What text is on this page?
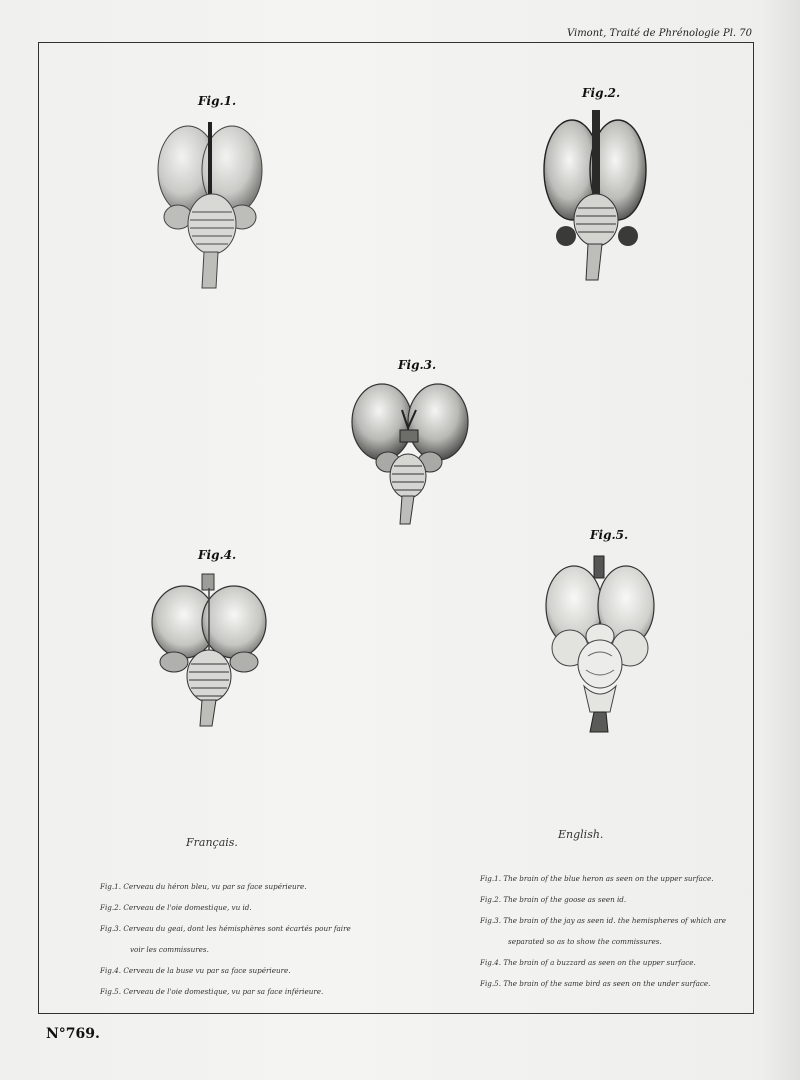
Vimont, Traité de Phrénologie Pl. 70
Fig.1.
Fig.2.
Fig.3.
Fig.4.
Fig.5.
Français.
English.
Fig.1. Cerveau du héron bleu, vu par sa face supérieure.
Fig.2. Cerveau de l'oie domestique, vu id.
Fig.3. Cerveau du geai, dont les hémisphères sont écartés pour faire
voir les commissures.
Fig.4. Cerveau de la buse vu par sa face supérieure.
Fig.5. Cerveau de l'oie domestique, vu par sa face inférieure.
Fig.1. The brain of the blue heron as seen on the upper surface.
Fig.2. The brain of the goose as seen id.
Fig.3. The brain of the jay as seen id. the hemispheres of which are
separated so as to show the commissures.
Fig.4. The brain of a buzzard as seen on the upper surface.
Fig.5. The brain of the same bird as seen on the under surface.
N°769.
